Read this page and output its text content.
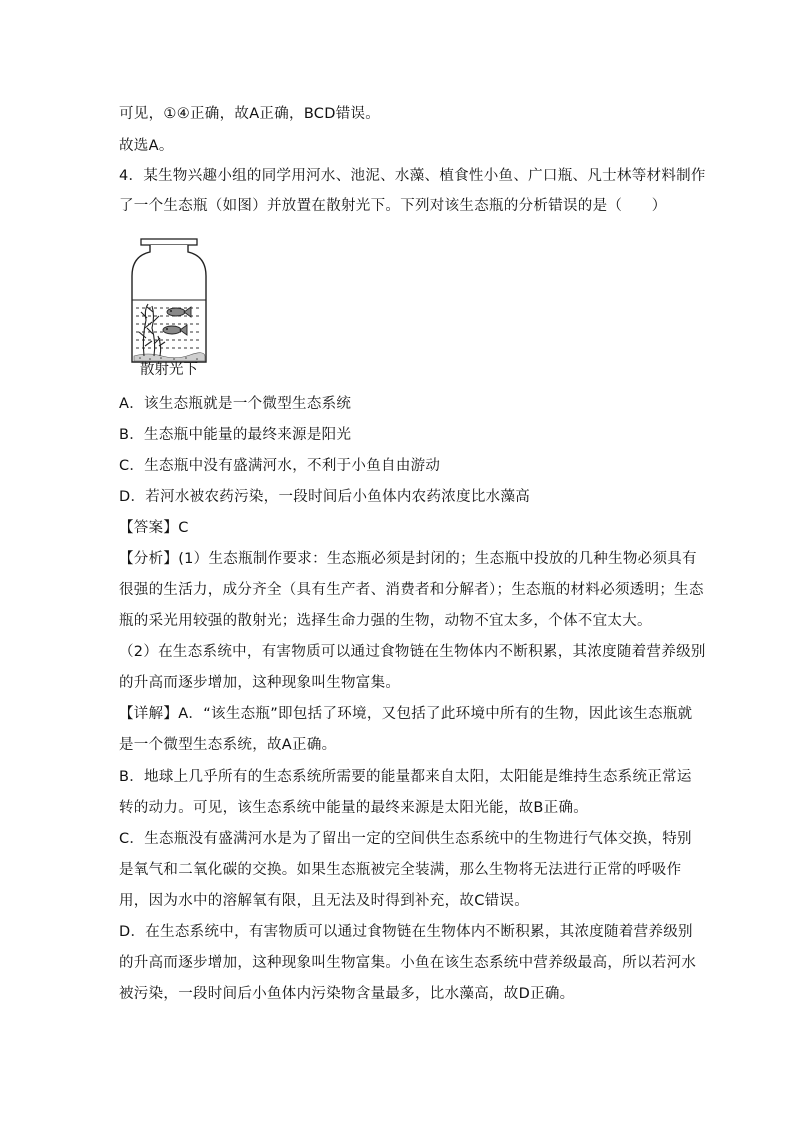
可见，①④正确，故A正确，BCD错误。
故选A。
4．某生物兴趣小组的同学用河水、池泥、水藻、植食性小鱼、广口瓶、凡士林等材料制作
了一个生态瓶（如图）并放置在散射光下。下列对该生态瓶的分析错误的是（　　）
散射光下
A．该生态瓶就是一个微型生态系统
B．生态瓶中能量的最终来源是阳光
C．生态瓶中没有盛满河水，不利于小鱼自由游动
D．若河水被农药污染，一段时间后小鱼体内农药浓度比水藻高
【答案】C
【分析】(1）生态瓶制作要求：生态瓶必须是封闭的；生态瓶中投放的几种生物必须具有
很强的生活力，成分齐全（具有生产者、消费者和分解者）；生态瓶的材料必须透明；生态
瓶的采光用较强的散射光；选择生命力强的生物，动物不宜太多，个体不宜太大。
（2）在生态系统中，有害物质可以通过食物链在生物体内不断积累，其浓度随着营养级别
的升高而逐步增加，这种现象叫生物富集。
【详解】A．“该生态瓶”即包括了环境，又包括了此环境中所有的生物，因此该生态瓶就
是一个微型生态系统，故A正确。
B．地球上几乎所有的生态系统所需要的能量都来自太阳，太阳能是维持生态系统正常运
转的动力。可见，该生态系统中能量的最终来源是太阳光能，故B正确。
C．生态瓶没有盛满河水是为了留出一定的空间供生态系统中的生物进行气体交换，特别
是氧气和二氧化碳的交换。如果生态瓶被完全装满，那么生物将无法进行正常的呼吸作
用，因为水中的溶解氧有限，且无法及时得到补充，故C错误。
D．在生态系统中，有害物质可以通过食物链在生物体内不断积累，其浓度随着营养级别
的升高而逐步增加，这种现象叫生物富集。小鱼在该生态系统中营养级最高，所以若河水
被污染，一段时间后小鱼体内污染物含量最多，比水藻高，故D正确。
